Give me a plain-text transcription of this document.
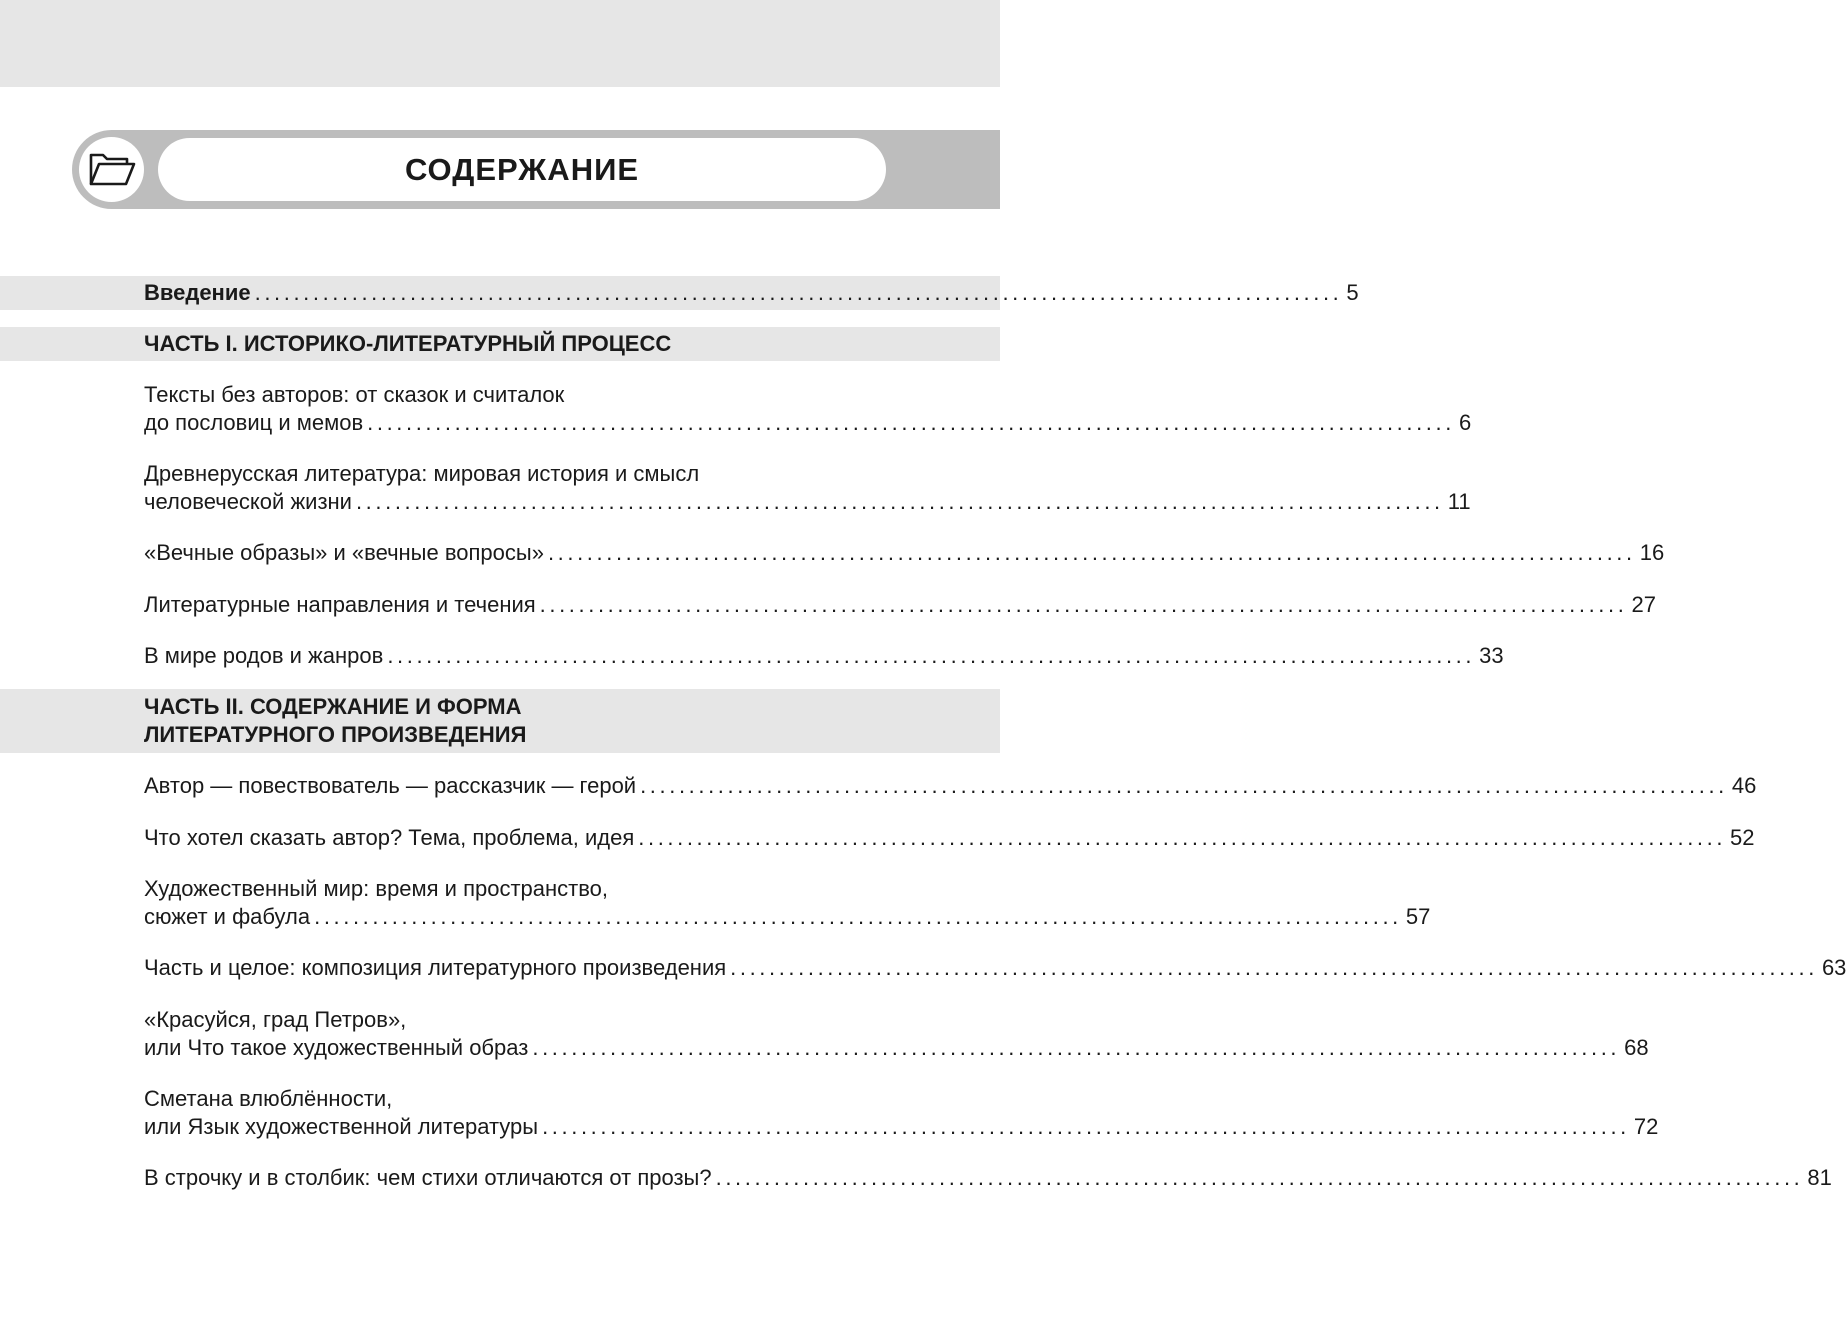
СОДЕРЖАНИЕ
Введение ................................................................................................................ 5
ЧАСТЬ I. ИСТОРИКО-ЛИТЕРАТУРНЫЙ ПРОЦЕСС
Тексты без авторов: от сказок и считалок
до пословиц и мемов ................................................................................................................ 6
Древнерусская литература: мировая история и смысл
человеческой жизни ................................................................................................................ 11
«Вечные образы» и «вечные вопросы» ................................................................................................................ 16
Литературные направления и течения ................................................................................................................ 27
В мире родов и жанров ................................................................................................................ 33
ЧАСТЬ II. СОДЕРЖАНИЕ И ФОРМА
ЛИТЕРАТУРНОГО ПРОИЗВЕДЕНИЯ
Автор — повествователь — рассказчик — герой ................................................................................................................ 46
Что хотел сказать автор? Тема, проблема, идея ................................................................................................................ 52
Художественный мир: время и пространство,
сюжет и фабула ................................................................................................................ 57
Часть и целое: композиция литературного произведения ................................................................................................................ 63
«Красуйся, град Петров»,
или Что такое художественный образ ................................................................................................................ 68
Сметана влюблённости,
или Язык художественной литературы ................................................................................................................ 72
В строчку и в столбик: чем стихи отличаются от прозы? ................................................................................................................ 81
